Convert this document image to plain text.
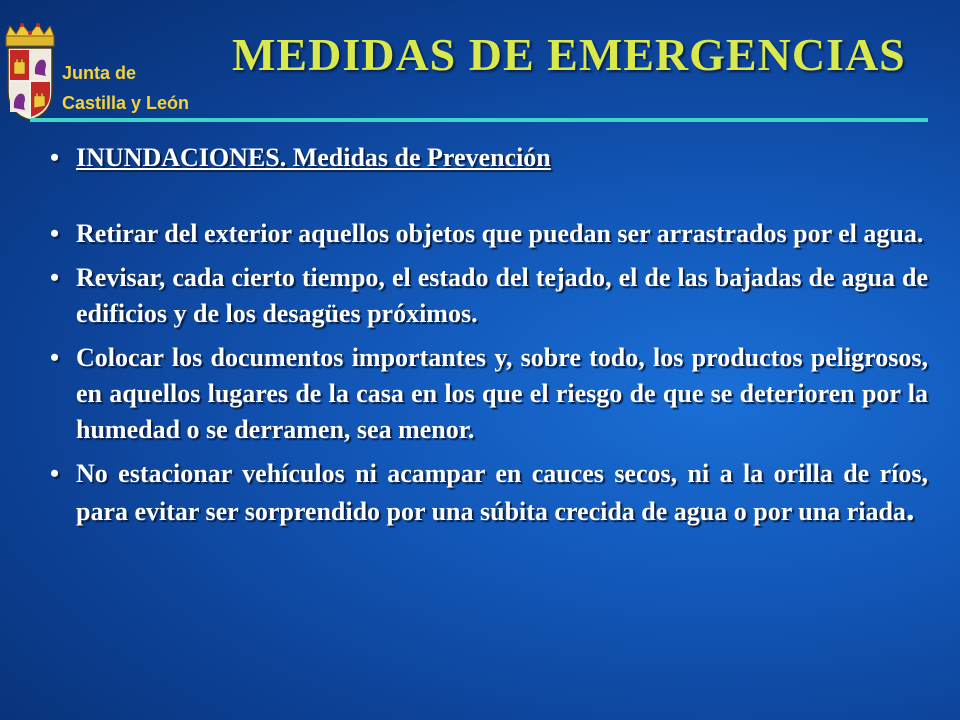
Junta de
Castilla y León
MEDIDAS DE EMERGENCIAS
• INUNDACIONES. Medidas de Prevención
• Retirar del exterior aquellos objetos que puedan ser arrastrados por el agua.
• Revisar, cada cierto tiempo, el estado del tejado, el de las bajadas de agua de edificios y de los desagües próximos.
• Colocar los documentos importantes y, sobre todo, los productos peligrosos, en aquellos lugares de la casa en los que el riesgo de que se deterioren por la humedad o se derramen, sea menor.
• No estacionar vehículos ni acampar en cauces secos, ni a la orilla de ríos, para evitar ser sorprendido por una súbita crecida de agua o por una riada.
